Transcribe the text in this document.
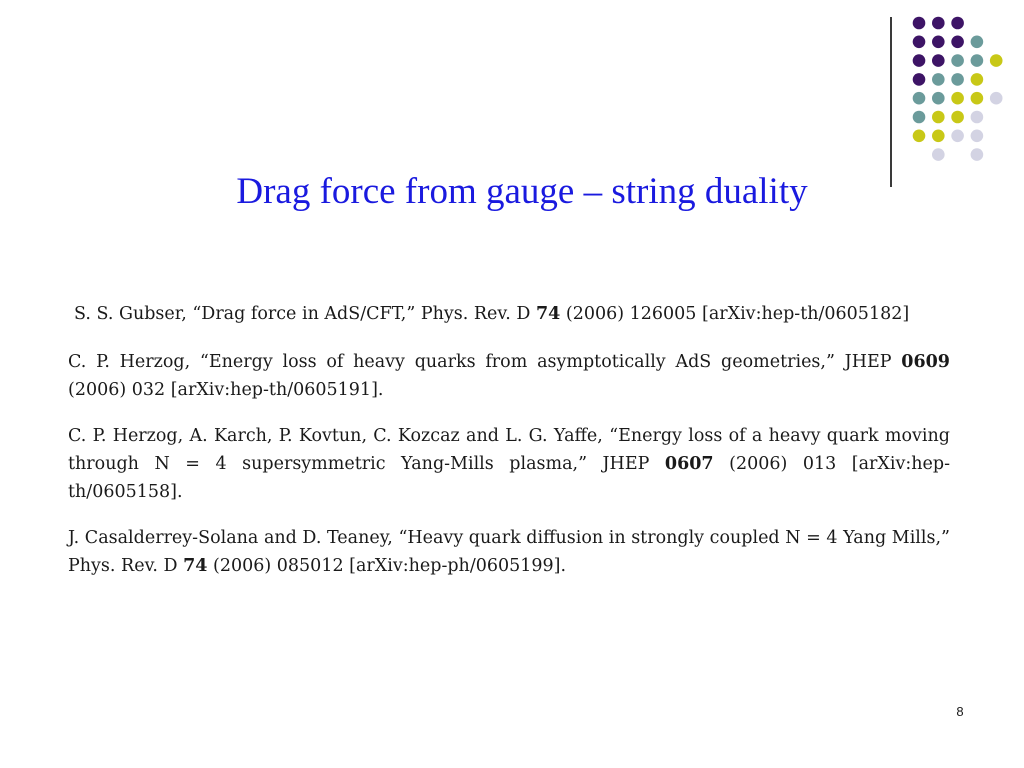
Drag force from gauge – string duality
S. S. Gubser, “Drag force in AdS/CFT,” Phys. Rev. D 74 (2006) 126005 [arXiv:hep-th/0605182]
C. P. Herzog, “Energy loss of heavy quarks from asymptotically AdS geometries,” JHEP 0609 (2006) 032 [arXiv:hep-th/0605191].
C. P. Herzog, A. Karch, P. Kovtun, C. Kozcaz and L. G. Yaffe, “Energy loss of a heavy quark moving through N = 4 supersymmetric Yang-Mills plasma,” JHEP 0607 (2006) 013 [arXiv:hep-th/0605158].
J. Casalderrey-Solana and D. Teaney, “Heavy quark diffusion in strongly coupled N = 4 Yang Mills,” Phys. Rev. D 74 (2006) 085012 [arXiv:hep-ph/0605199].
8
